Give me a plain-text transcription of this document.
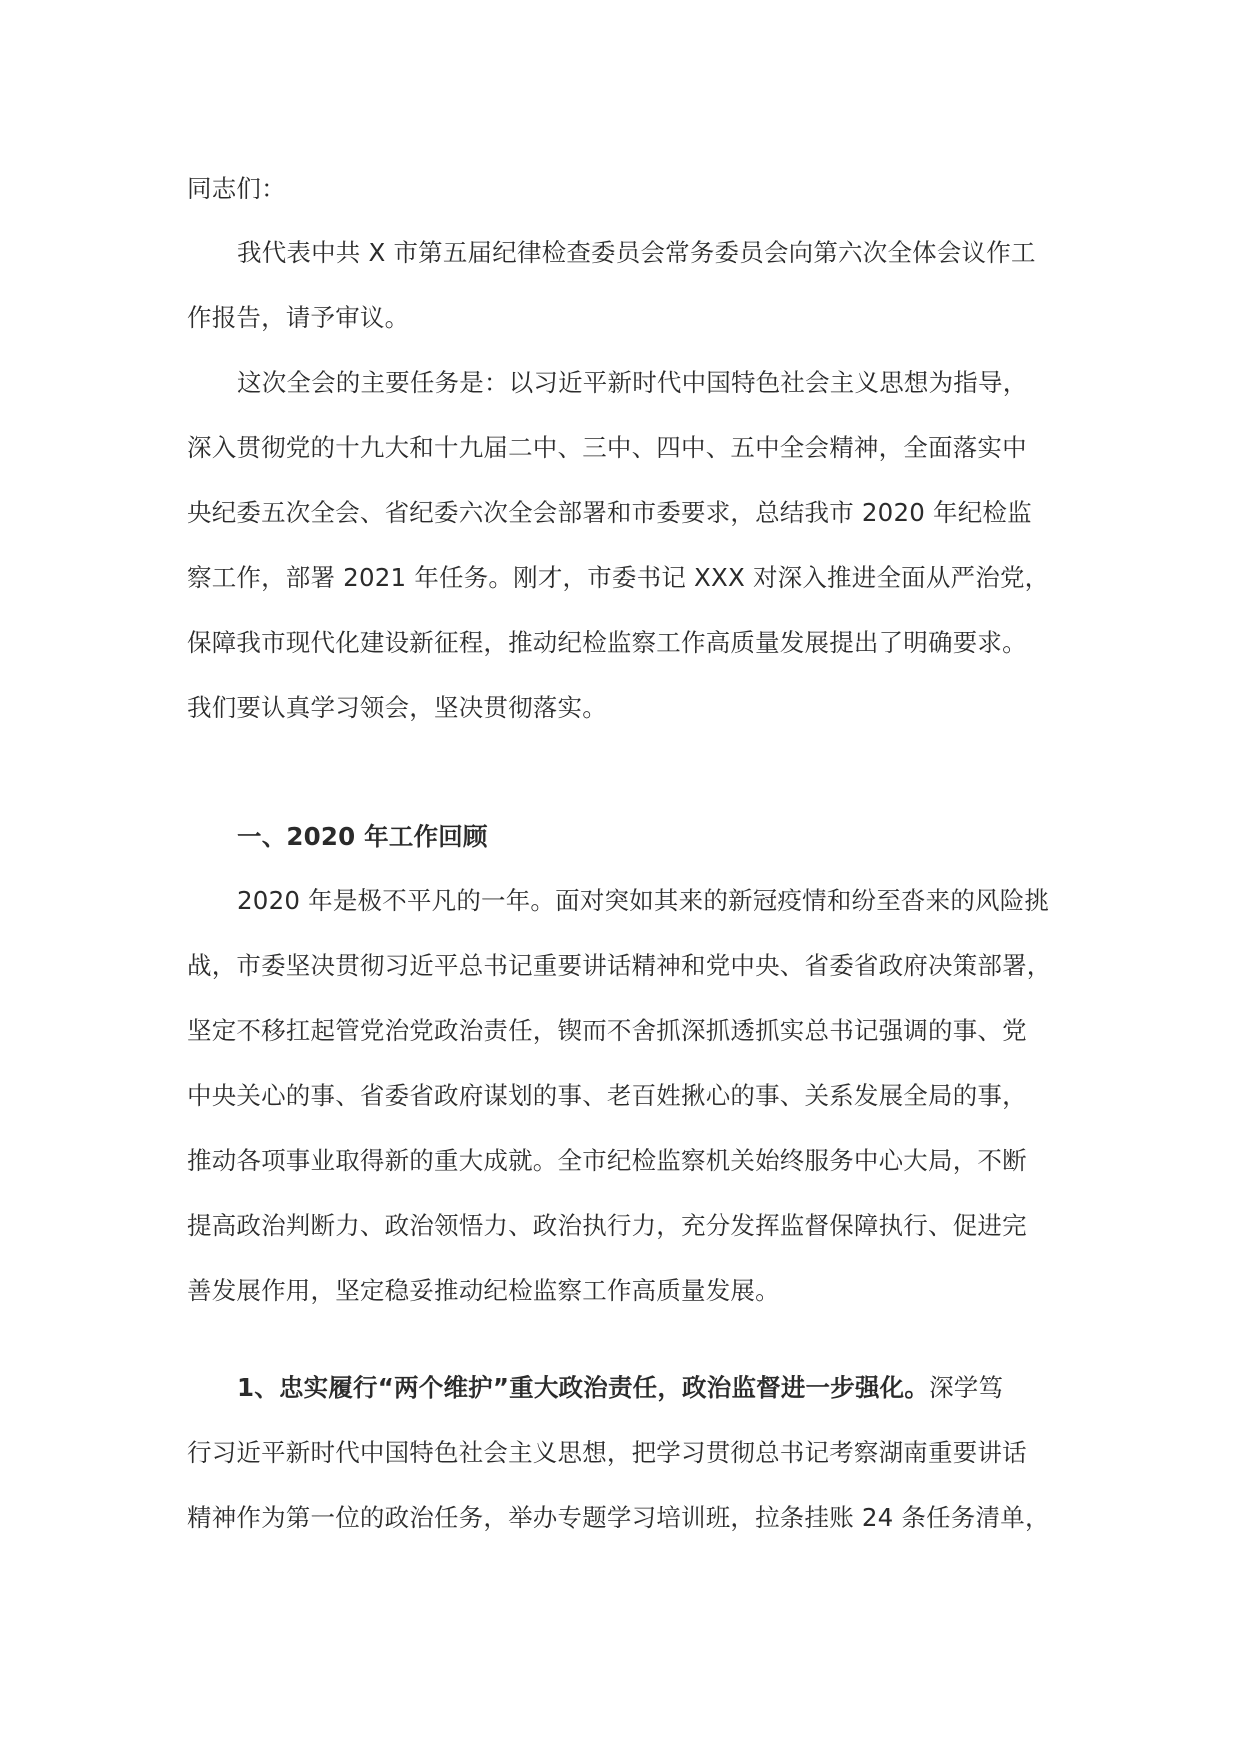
同志们：
我代表中共 X 市第五届纪律检查委员会常务委员会向第六次全体会议作工
作报告，请予审议。
这次全会的主要任务是：以习近平新时代中国特色社会主义思想为指导，
深入贯彻党的十九大和十九届二中、三中、四中、五中全会精神，全面落实中
央纪委五次全会、省纪委六次全会部署和市委要求，总结我市 2020 年纪检监
察工作，部署 2021 年任务。刚才，市委书记 XXX 对深入推进全面从严治党，
保障我市现代化建设新征程，推动纪检监察工作高质量发展提出了明确要求。
我们要认真学习领会，坚决贯彻落实。
一、2020 年工作回顾
2020 年是极不平凡的一年。面对突如其来的新冠疫情和纷至沓来的风险挑
战，市委坚决贯彻习近平总书记重要讲话精神和党中央、省委省政府决策部署，
坚定不移扛起管党治党政治责任，锲而不舍抓深抓透抓实总书记强调的事、党
中央关心的事、省委省政府谋划的事、老百姓揪心的事、关系发展全局的事，
推动各项事业取得新的重大成就。全市纪检监察机关始终服务中心大局，不断
提高政治判断力、政治领悟力、政治执行力，充分发挥监督保障执行、促进完
善发展作用，坚定稳妥推动纪检监察工作高质量发展。
1、忠实履行“两个维护”重大政治责任，政治监督进一步强化。深学笃
行习近平新时代中国特色社会主义思想，把学习贯彻总书记考察湖南重要讲话
精神作为第一位的政治任务，举办专题学习培训班，拉条挂账 24 条任务清单，
